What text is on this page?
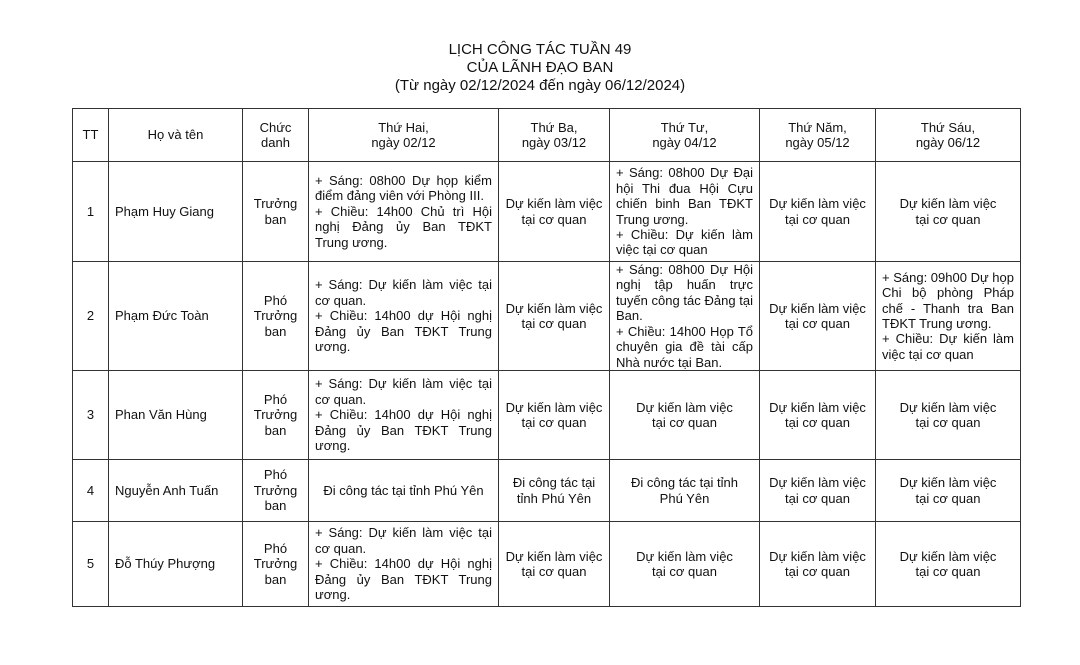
LỊCH CÔNG TÁC TUẦN 49
CỦA LÃNH ĐẠO BAN
(Từ ngày 02/12/2024 đến ngày 06/12/2024)
TT	Họ và tên	Chức
danh	Thứ Hai,
ngày 02/12	Thứ Ba,
ngày 03/12	Thứ Tư,
ngày 04/12	Thứ Năm,
ngày 05/12	Thứ Sáu,
ngày 06/12

1	Phạm Huy Giang	Trưởng
ban	+ Sáng: 08h00 Dự họp kiểm điểm đảng viên với Phòng III.
+ Chiều: 14h00 Chủ trì Hội nghị Đảng ủy Ban TĐKT Trung ương.	Dự kiến làm việc
tại cơ quan	+ Sáng: 08h00 Dự Đại hội Thi đua Hội Cựu chiến binh Ban TĐKT Trung ương.
+ Chiều: Dự kiến làm việc tại cơ quan	Dự kiến làm việc
tại cơ quan	Dự kiến làm việc
tại cơ quan

2	Phạm Đức Toàn	Phó
Trưởng
ban	+ Sáng: Dự kiến làm việc tại cơ quan.
+ Chiều: 14h00 dự Hội nghị Đảng ủy Ban TĐKT Trung ương.	Dự kiến làm việc
tại cơ quan	+ Sáng: 08h00 Dự Hội nghị tập huấn trực tuyến công tác Đảng tại Ban.
+ Chiều: 14h00 Họp Tổ chuyên gia đề tài cấp Nhà nước tại Ban.	Dự kiến làm việc
tại cơ quan	+ Sáng: 09h00 Dự họp Chi bộ phòng Pháp chế - Thanh tra Ban TĐKT Trung ương.
+ Chiều: Dự kiến làm việc tại cơ quan

3	Phan Văn Hùng	Phó
Trưởng
ban	+ Sáng: Dự kiến làm việc tại cơ quan.
+ Chiều: 14h00 dự Hội nghị Đảng ủy Ban TĐKT Trung ương.	Dự kiến làm việc
tại cơ quan	Dự kiến làm việc
tại cơ quan	Dự kiến làm việc
tại cơ quan	Dự kiến làm việc
tại cơ quan

4	Nguyễn Anh Tuấn	Phó
Trưởng
ban	Đi công tác tại tỉnh Phú Yên	Đi công tác tại
tỉnh Phú Yên	Đi công tác tại tỉnh
Phú Yên	Dự kiến làm việc
tại cơ quan	Dự kiến làm việc
tại cơ quan

5	Đỗ Thúy Phượng	Phó
Trưởng
ban	+ Sáng: Dự kiến làm việc tại cơ quan.
+ Chiều: 14h00 dự Hội nghị Đảng ủy Ban TĐKT Trung ương.	Dự kiến làm việc
tại cơ quan	Dự kiến làm việc
tại cơ quan	Dự kiến làm việc
tại cơ quan	Dự kiến làm việc
tại cơ quan
